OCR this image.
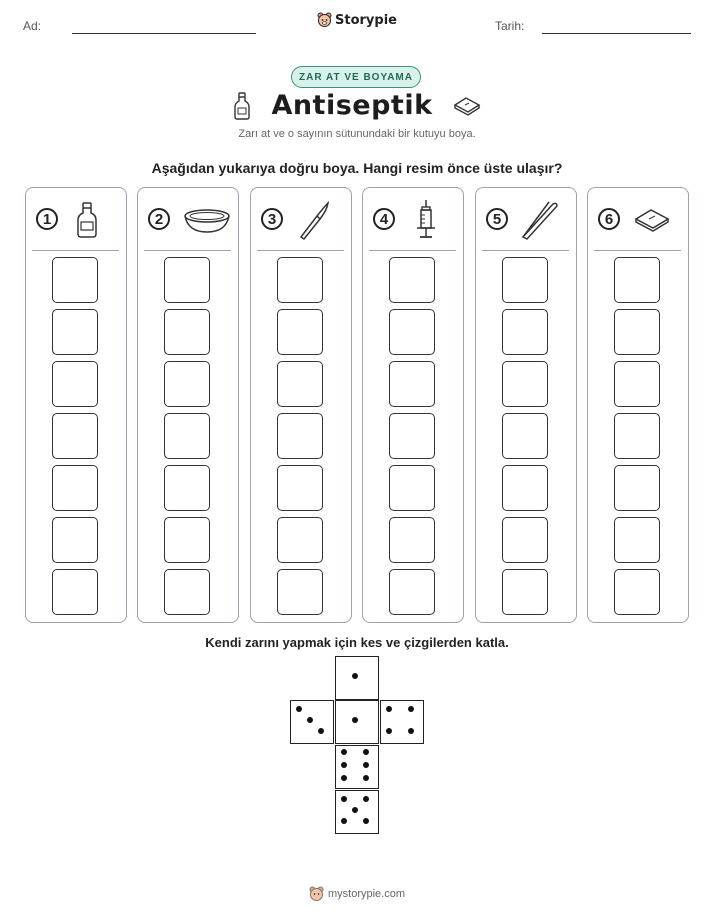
Ad:	Tarih:
Storypie
ZAR AT VE BOYAMA
Antiseptik
Zarı at ve o sayının sütunundaki bir kutuyu boya.
Aşağıdan yukarıya doğru boya. Hangi resim önce üste ulaşır?
1	2	3	4	5	6
Kendi zarını yapmak için kes ve çizgilerden katla.
mystorypie.com
